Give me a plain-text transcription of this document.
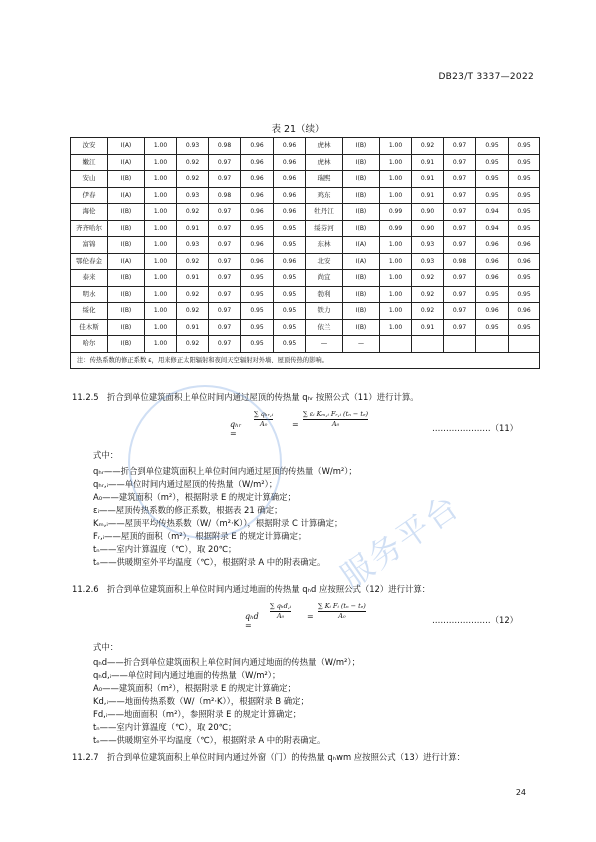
DB23/T 3337—2022
表 21（续）
汝安	Ⅰ(A)	1.00	0.93	0.98	0.96	0.96	虎林	Ⅰ(B)	1.00	0.92	0.97	0.95	0.95
嫩江	Ⅰ(A)	1.00	0.92	0.97	0.96	0.96	虎林	Ⅰ(B)	1.00	0.91	0.97	0.95	0.95
安山	Ⅰ(B)	1.00	0.92	0.97	0.96	0.96	瑞熙	Ⅰ(B)	1.00	0.91	0.97	0.95	0.95
伊春	Ⅰ(A)	1.00	0.93	0.98	0.96	0.96	鸡东	Ⅰ(B)	1.00	0.91	0.97	0.95	0.95
海伦	Ⅰ(B)	1.00	0.92	0.97	0.96	0.96	牡丹江	Ⅰ(B)	0.99	0.90	0.97	0.94	0.95
齐齐哈尔	Ⅰ(B)	1.00	0.91	0.97	0.95	0.95	绥芬河	Ⅰ(B)	0.99	0.90	0.97	0.94	0.95
富锦	Ⅰ(B)	1.00	0.93	0.97	0.96	0.95	东林	Ⅰ(A)	1.00	0.93	0.97	0.96	0.96
鄂伦春金	Ⅰ(A)	1.00	0.92	0.97	0.96	0.96	北安	Ⅰ(A)	1.00	0.93	0.98	0.96	0.96
泰来	Ⅰ(B)	1.00	0.91	0.97	0.95	0.95	尚宜	Ⅰ(B)	1.00	0.92	0.97	0.96	0.95
明水	Ⅰ(B)	1.00	0.92	0.97	0.95	0.95	勃利	Ⅰ(B)	1.00	0.92	0.97	0.95	0.95
绥化	Ⅰ(B)	1.00	0.92	0.97	0.95	0.95	铁力	Ⅰ(B)	1.00	0.92	0.97	0.96	0.96
佳木斯	Ⅰ(B)	1.00	0.91	0.97	0.95	0.95	依兰	Ⅰ(B)	1.00	0.91	0.97	0.95	0.95
哈尔	Ⅰ(B)	1.00	0.92	0.97	0.95	0.95	—	—					
注：传热系数的修正系数 ε，用来修正太阳辐射和夜间天空辐射对外墙、屋顶传热的影响。													
11.2.5　折合到单位建筑面积上单位时间内通过屋顶的传热量 qₕᵣ 按照公式（11）进行计算。
qₕᵣ =
∑ qₕᵣ,ᵢ
A₀	=
∑ εᵢ Kₘ,ᵢ Fᵣ,ᵢ (tₙ − tₑ)
A₀	…………………（11）
式中：
qₕᵣ——折合到单位建筑面积上单位时间内通过屋顶的传热量（W/m²）；
qₕᵣ,ᵢ——单位时间内通过屋顶的传热量（W/m²）；
A₀——建筑面积（m²），根据附录 E 的规定计算确定；
εᵢ——屋顶传热系数的修正系数，根据表 21 确定；
Kₘ,ᵢ——屋顶平均传热系数（W/（m²·K）），根据附录 C 计算确定；
Fᵣ,ᵢ——屋顶的面积（m²），根据附录 E 的规定计算确定；
tₙ——室内计算温度（℃），取 20℃；
tₑ——供暖期室外平均温度（℃），根据附录 A 中的附表确定。
11.2.6　折合到单位建筑面积上单位时间内通过地面的传热量 qₕd 应按照公式（12）进行计算：
qₕd =
∑ qₕd,ᵢ
A₀	=
∑ Kᵢ Fᵢ (tₙ − tₑ)
A₀	…………………（12）
式中：
qₕd——折合到单位建筑面积上单位时间内通过地面的传热量（W/m²）；
qₕd,ᵢ——单位时间内通过地面的传热量（W/m²）；
A₀——建筑面积（m²），根据附录 E 的规定计算确定；
Kd,ᵢ——地面传热系数（W/（m²·K）），根据附录 B 确定；
Fd,ᵢ——地面面积（m²），参照附录 E 的规定计算确定；
tₙ——室内计算温度（℃），取 20℃；
tₑ——供暖期室外平均温度（℃），根据附录 A 中的附表确定。
11.2.7　折合到单位建筑面积上单位时间内通过外窗（门）的传热量 qₕwm 应按照公式（13）进行计算：
24
服务平台
